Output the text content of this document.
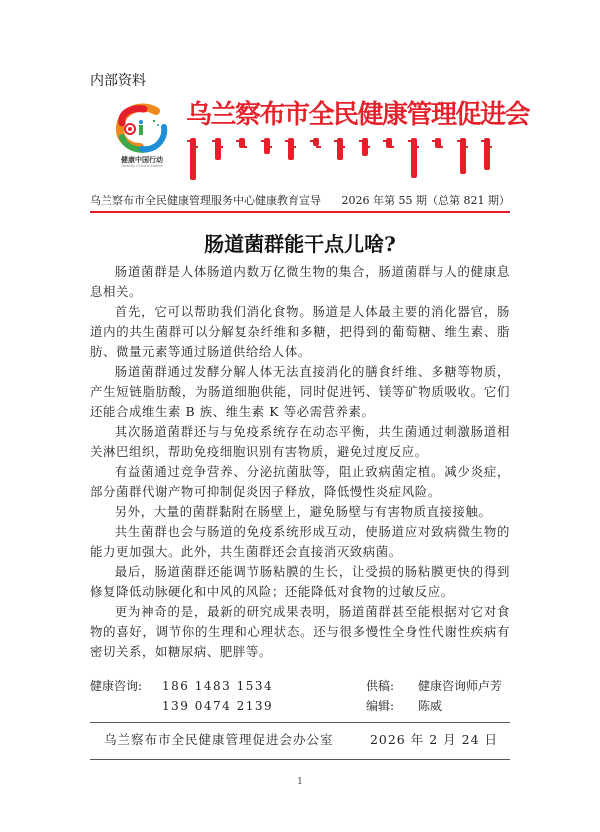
内部资料
健康中国行动
Healthy China Initiative
乌兰察布市全民健康管理促进会
乌兰察布市全民健康管理服务中心健康教育宣导 2026 年第 55 期（总第 821 期）
肠道菌群能干点儿啥?

肠道菌群是人体肠道内数万亿微生物的集合，肠道菌群与人的健康息息相关。

首先，它可以帮助我们消化食物。肠道是人体最主要的消化器官，肠道内的共生菌群可以分解复杂纤维和多糖，把得到的葡萄糖、维生素、脂肪、微量元素等通过肠道供给给人体。

肠道菌群通过发酵分解人体无法直接消化的膳食纤维、多糖等物质，产生短链脂肪酸，为肠道细胞供能，同时促进钙、镁等矿物质吸收。它们还能合成维生素 B 族、维生素 K 等必需营养素。

其次肠道菌群还与与免疫系统存在动态平衡，共生菌通过刺激肠道相关淋巴组织，帮助免疫细胞识别有害物质，避免过度反应。

有益菌通过竞争营养、分泌抗菌肽等，阻止致病菌定植。减少炎症，部分菌群代谢产物可抑制促炎因子释放，降低慢性炎症风险。

另外，大量的菌群黏附在肠壁上，避免肠壁与有害物质直接接触。

共生菌群也会与肠道的免疫系统形成互动，使肠道应对致病微生物的能力更加强大。此外，共生菌群还会直接消灭致病菌。

最后，肠道菌群还能调节肠粘膜的生长，让受损的肠粘膜更快的得到修复降低动脉硬化和中风的风险；还能降低对食物的过敏反应。

更为神奇的是，最新的研究成果表明，肠道菌群甚至能根据对它对食物的喜好，调节你的生理和心理状态。还与很多慢性全身性代谢性疾病有密切关系，如糖尿病、肥胖等。

健康咨询:	186 1483 1534
139 0474 2139
供稿:	健康咨询师卢芳
编辑:	陈威
乌兰察布市全民健康管理促进会办公室	2026 年 2 月 24 日
1
